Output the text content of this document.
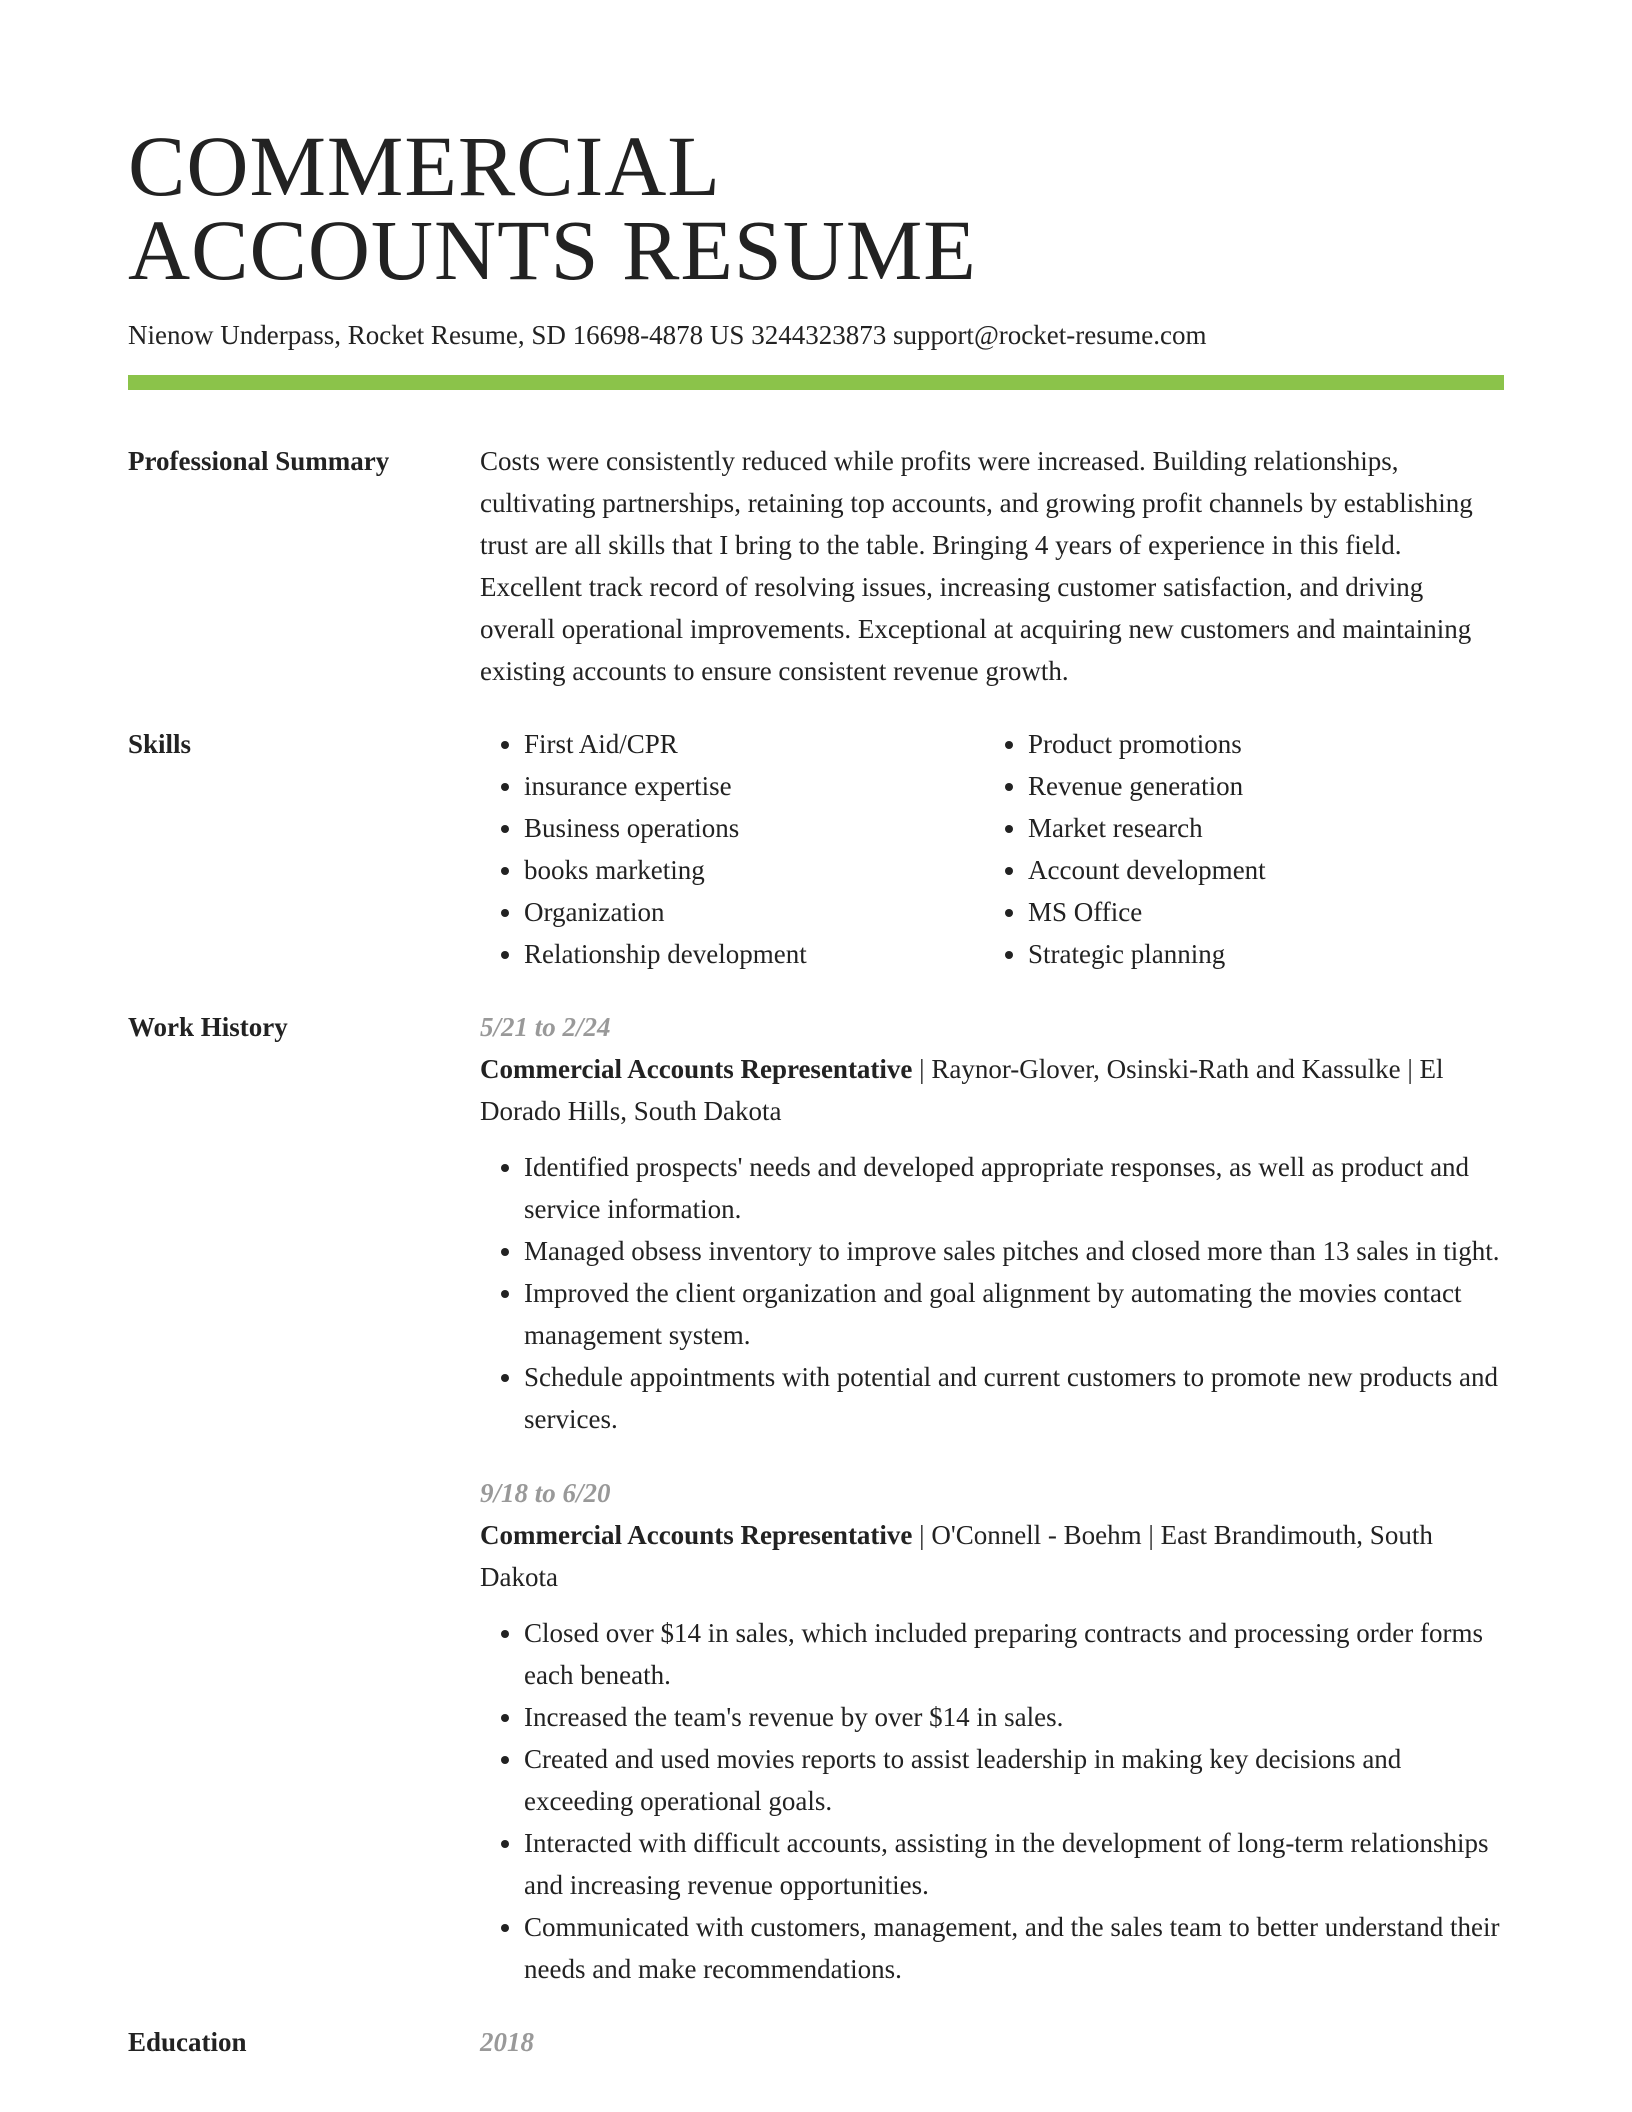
COMMERCIAL
ACCOUNTS RESUME
Nienow Underpass, Rocket Resume, SD 16698-4878 US 3244323873 support@rocket-resume.com
Professional Summary	Costs were consistently reduced while profits were increased. Building relationships, cultivating partnerships, retaining top accounts, and growing profit channels by establishing trust are all skills that I bring to the table. Bringing 4 years of experience in this field. Excellent track record of resolving issues, increasing customer satisfaction, and driving overall operational improvements. Exceptional at acquiring new customers and maintaining existing accounts to ensure consistent revenue growth.

Skills
•	First Aid/CPR
• insurance expertise
• Business operations
• books marketing
• Organization
• Relationship development
• Product promotions
• Revenue generation
• Market research
• Account development
• MS Office
• Strategic planning
Work History	5/21 to 2/24

Commercial Accounts Representative | Raynor-Glover, Osinski-Rath and Kassulke | El Dorado Hills, South Dakota

• Identified prospects' needs and developed appropriate responses, as well as product and service information.
• Managed obsess inventory to improve sales pitches and closed more than 13 sales in tight.
• Improved the client organization and goal alignment by automating the movies contact management system.
• Schedule appointments with potential and current customers to promote new products and services.
9/18 to 6/20

Commercial Accounts Representative | O'Connell - Boehm | East Brandimouth, South Dakota

• Closed over $14 in sales, which included preparing contracts and processing order forms each beneath.
• Increased the team's revenue by over $14 in sales.
• Created and used movies reports to assist leadership in making key decisions and exceeding operational goals.
• Interacted with difficult accounts, assisting in the development of long-term relationships and increasing revenue opportunities.
• Communicated with customers, management, and the sales team to better understand their needs and make recommendations.
Education	2018
